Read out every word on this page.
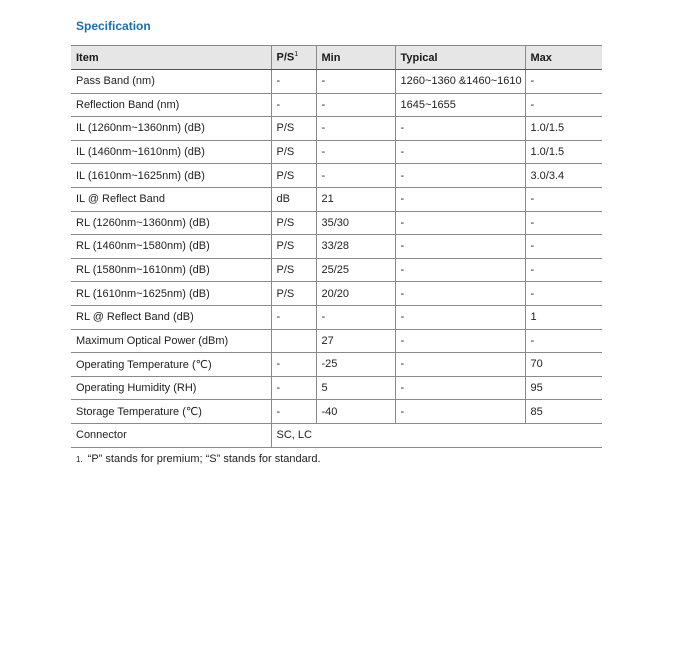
Specification
Item	$P/S^1$	Min	Typical	Max
Pass Band (nm)	-	-	1260~1360 &1460~1610	-
Reflection Band (nm)	-	-	1645~1655	-
IL (1260nm~1360nm) (dB)	P/S	-	-	1.0/1.5
IL (1460nm~1610nm) (dB)	P/S	-	-	1.0/1.5
IL (1610nm~1625nm) (dB)	P/S	-	-	3.0/3.4
IL @ Reflect Band	dB	21	-	-
RL (1260nm~1360nm) (dB)	P/S	35/30	-	-
RL (1460nm~1580nm) (dB)	P/S	33/28	-	-
RL (1580nm~1610nm) (dB)	P/S	25/25	-	-
RL (1610nm~1625nm) (dB)	P/S	20/20	-	-
RL @ Reflect Band (dB)	-	-	-	1
Maximum Optical Power (dBm)		27	-	-
Operating Temperature (℃)	-	-25	-	70
Operating Humidity (RH)	-	5	-	95
Storage Temperature (℃)	-	-40	-	85
Connector	SC, LC			
1. “P” stands for premium; “S” stands for standard.
